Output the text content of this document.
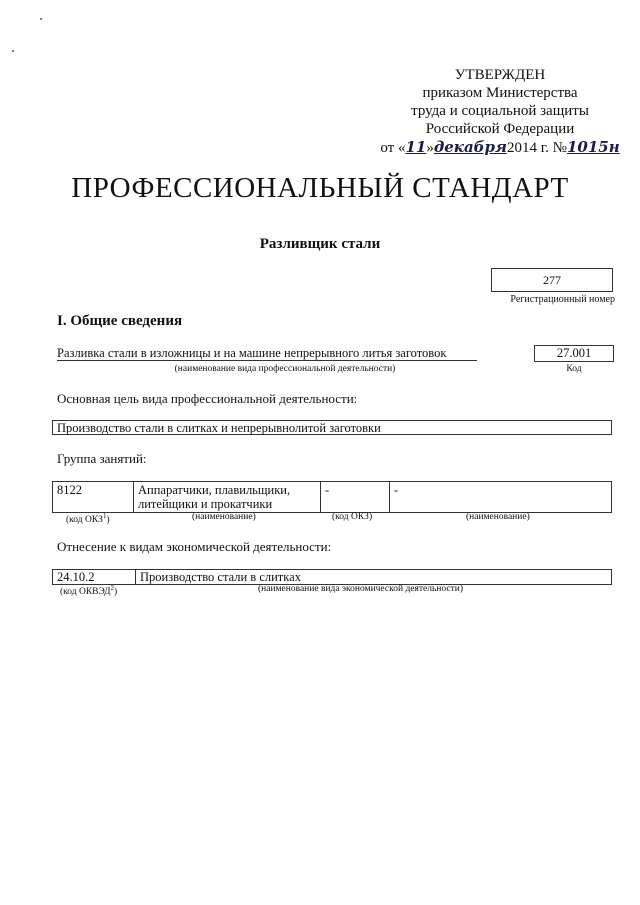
УТВЕРЖДЕН
приказом Министерства
труда и социальной защиты
Российской Федерации
от «11»декабря2014 г. №1015н
ПРОФЕССИОНАЛЬНЫЙ СТАНДАРТ
Разливщик стали
277
Регистрационный номер
I. Общие сведения
Разливка стали в изложницы и на машине непрерывного литья заготовок
(наименование вида профессиональной деятельности)
27.001
Код
Основная цель вида профессиональной деятельности:
Производство стали в слитках и непрерывнолитой заготовки
Группа занятий:
8122	Аппаратчики, плавильщики, литейщики и прокатчики	-	-
(код ОКЗ$^1$)	(наименование)	(код ОКЗ)	(наименование)
Отнесение к видам экономической деятельности:
24.10.2	Производство стали в слитках
(код ОКВЭД$^2$)	(наименование вида экономической деятельности)
